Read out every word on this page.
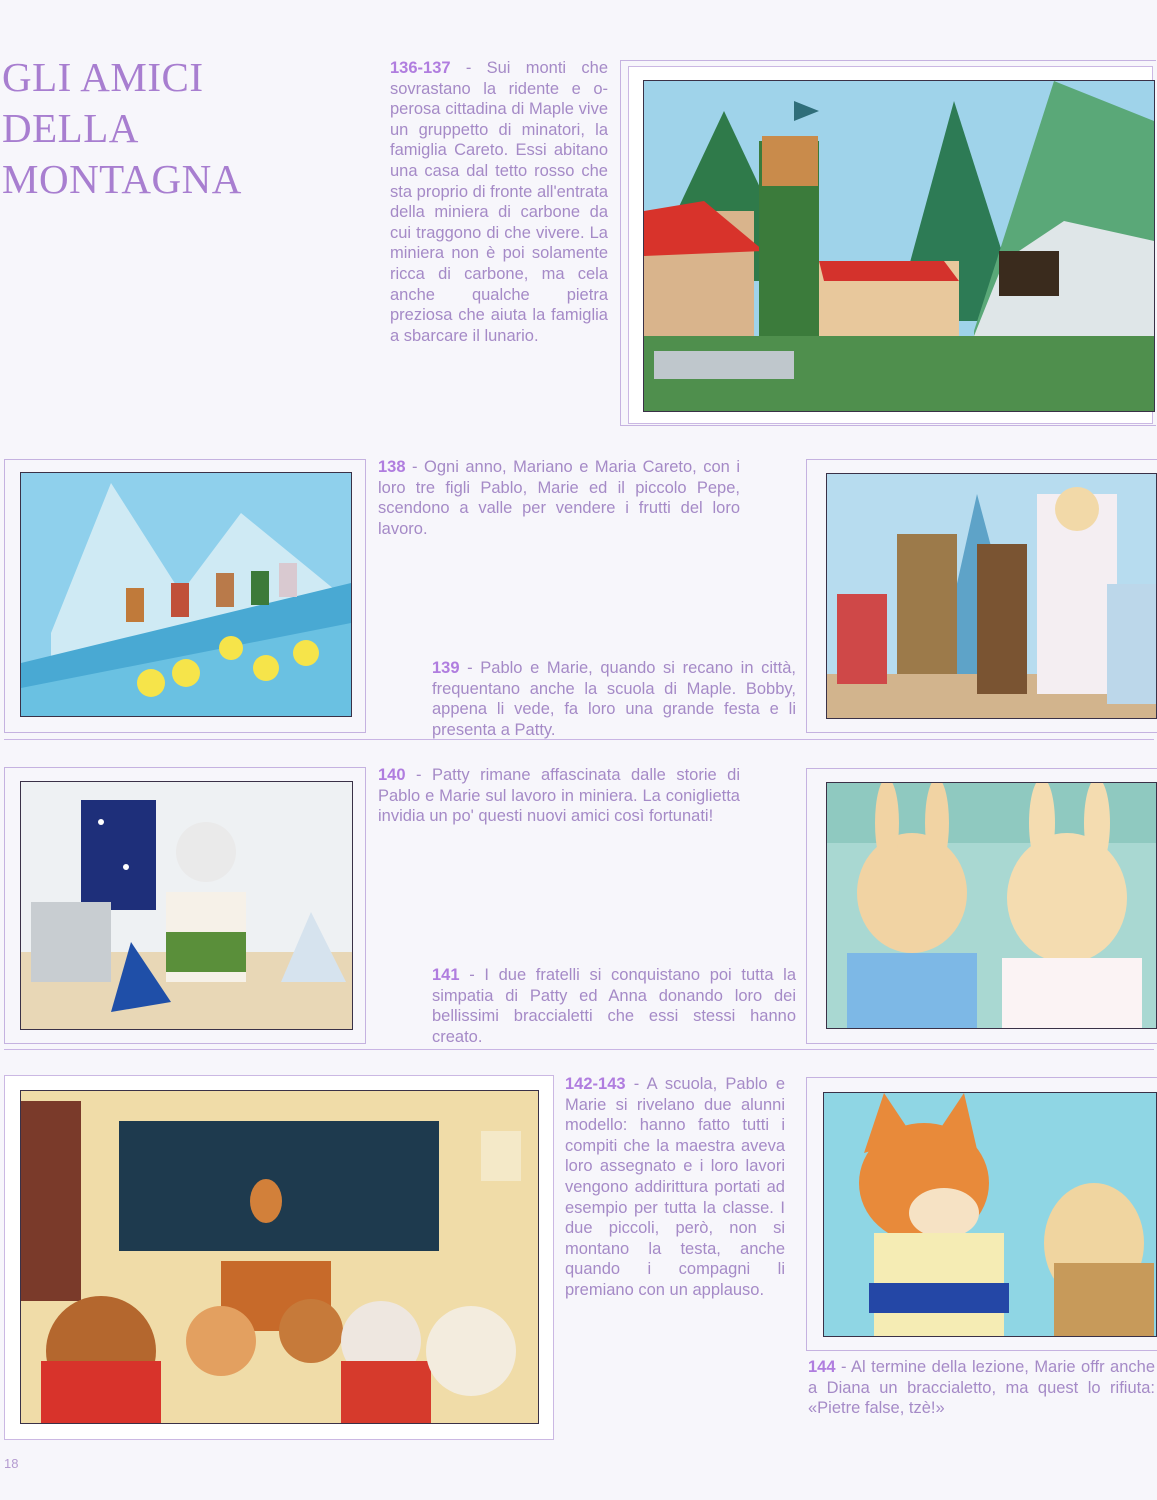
GLI AMICI
DELLA
MONTAGNA
136-137 - Sui monti che sovrastano la ridente e operosa cittadina di Maple vive un gruppetto di minatori, la famiglia Careto. Essi abitano una casa dal tetto rosso che sta proprio di fronte all'entrata della miniera di carbone da cui traggono di che vivere. La miniera non è poi solamente ricca di carbone, ma cela anche qualche pietra preziosa che aiuta la famiglia a sbarcare il lunario.
138 - Ogni anno, Mariano e Maria Careto, con i loro tre figli Pablo, Marie ed il piccolo Pepe, scendono a valle per vendere i frutti del loro lavoro.
139 - Pablo e Marie, quando si recano in città, frequentano anche la scuola di Maple. Bobby, appena li vede, fa loro una grande festa e li presenta a Patty.
140 - Patty rimane affascinata dalle storie di Pablo e Marie sul lavoro in miniera. La coniglietta invidia un po' questi nuovi amici così fortunati!
141 - I due fratelli si conquistano poi tutta la simpatia di Patty ed Anna donando loro dei bellissimi braccialetti che essi stessi hanno creato.
142-143 - A scuola, Pablo e Marie si rivelano due alunni modello: hanno fatto tutti i compiti che la maestra aveva loro assegnato e i loro lavori vengono addirittura portati ad esempio per tutta la classe. I due piccoli, però, non si montano la testa, anche quando i compagni li premiano con un applauso.
144 - Al termine della lezione, Marie offr anche a Diana un braccialetto, ma quest lo rifiuta: «Pietre false, tzè!»
18
